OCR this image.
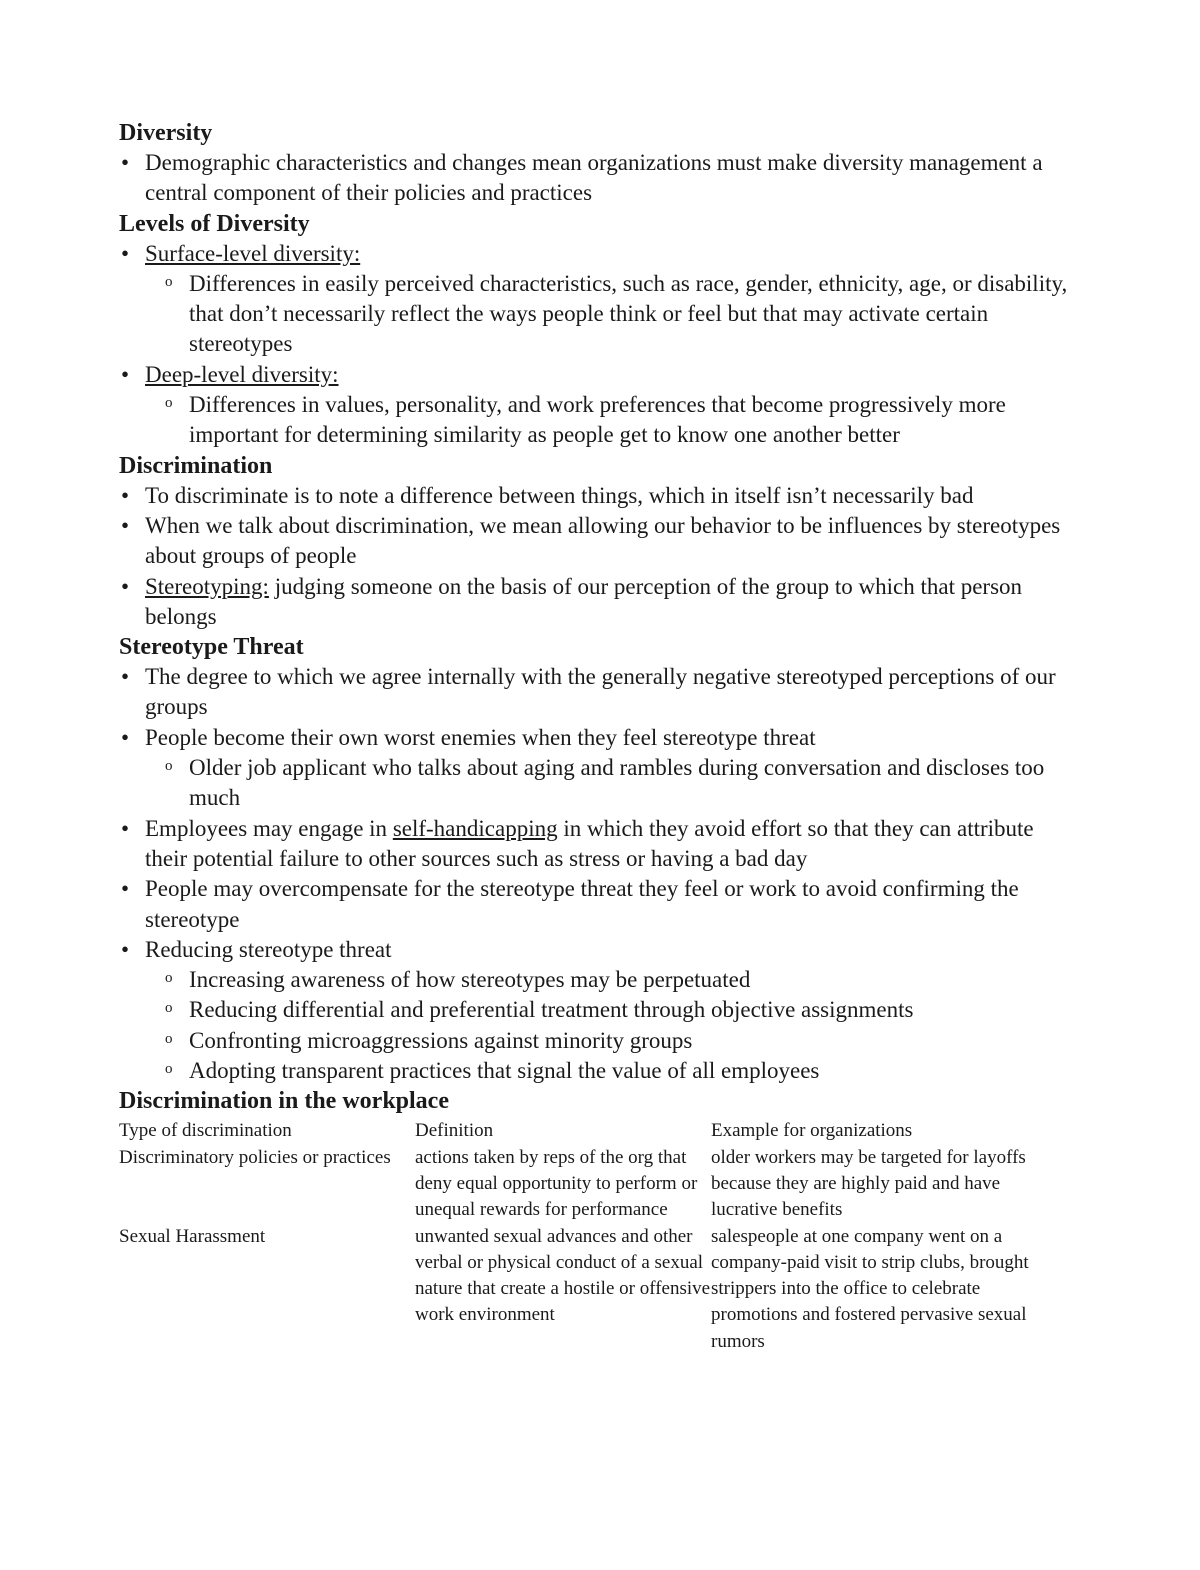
Diversity
• Demographic characteristics and changes mean organizations must make diversity management a central component of their policies and practices
Levels of Diversity
• Surface-level diversity:
o Differences in easily perceived characteristics, such as race, gender, ethnicity, age, or disability, that don’t necessarily reflect the ways people think or feel but that may activate certain stereotypes
• Deep-level diversity:
o Differences in values, personality, and work preferences that become progressively more important for determining similarity as people get to know one another better
Discrimination
• To discriminate is to note a difference between things, which in itself isn’t necessarily bad
• When we talk about discrimination, we mean allowing our behavior to be influences by stereotypes about groups of people
• Stereotyping: judging someone on the basis of our perception of the group to which that person belongs
Stereotype Threat
• The degree to which we agree internally with the generally negative stereotyped perceptions of our groups
• People become their own worst enemies when they feel stereotype threat
o Older job applicant who talks about aging and rambles during conversation and discloses too much
• Employees may engage in self-handicapping in which they avoid effort so that they can attribute their potential failure to other sources such as stress or having a bad day
• People may overcompensate for the stereotype threat they feel or work to avoid confirming the stereotype
• Reducing stereotype threat
o Increasing awareness of how stereotypes may be perpetuated
o Reducing differential and preferential treatment through objective assignments
o Confronting microaggressions against minority groups
o Adopting transparent practices that signal the value of all employees
Discrimination in the workplace
Type of discrimination	Definition	Example for organizations
Discriminatory policies or practices	actions taken by reps of the org that deny equal opportunity to perform or unequal rewards for performance	older workers may be targeted for layoffs because they are highly paid and have lucrative benefits
Sexual Harassment	unwanted sexual advances and other verbal or physical conduct of a sexual nature that create a hostile or offensive work environment	salespeople at one company went on a company-paid visit to strip clubs, brought strippers into the office to celebrate promotions and fostered pervasive sexual rumors
